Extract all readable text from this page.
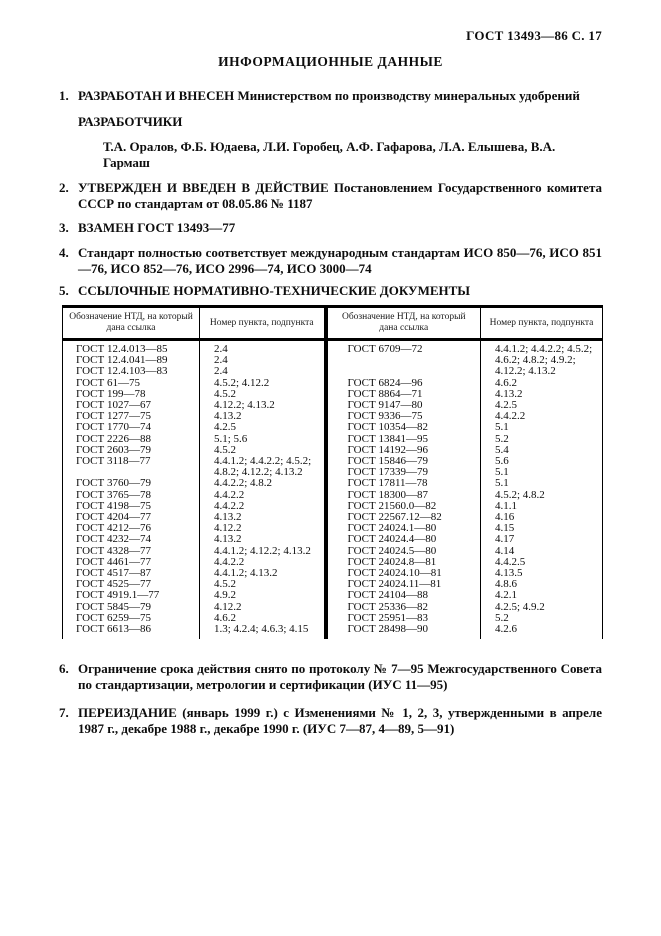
ГОСТ 13493—86 С. 17
ИНФОРМАЦИОННЫЕ ДАННЫЕ
1. РАЗРАБОТАН И ВНЕСЕН Министерством по производству минеральных удобрений
РАЗРАБОТЧИКИ
Т.А. Оралов, Ф.Б. Юдаева, Л.И. Горобец, А.Ф. Гафарова, Л.А. Елышева, В.А. Гармаш
2. УТВЕРЖДЕН И ВВЕДЕН В ДЕЙСТВИЕ Постановлением Государственного комитета СССР по стандартам от 08.05.86 № 1187
3. ВЗАМЕН ГОСТ 13493—77
4. Стандарт полностью соответствует международным стандартам ИСО 850—76, ИСО 851—76, ИСО 852—76, ИСО 2996—74, ИСО 3000—74
5. ССЫЛОЧНЫЕ НОРМАТИВНО-ТЕХНИЧЕСКИЕ ДОКУМЕНТЫ
Обозначение НТД, на который дана ссылка	Номер пункта, подпункта	Обозначение НТД, на который дана ссылка	Номер пункта, подпункта
ГОСТ 12.4.013—85	2.4	ГОСТ 6709—72	4.4.1.2; 4.4.2.2; 4.5.2;
ГОСТ 12.4.041—89	2.4		4.6.2; 4.8.2; 4.9.2;
ГОСТ 12.4.103—83	2.4		4.12.2; 4.13.2
ГОСТ 61—75	4.5.2; 4.12.2	ГОСТ 6824—96	4.6.2
ГОСТ 199—78	4.5.2	ГОСТ 8864—71	4.13.2
ГОСТ 1027—67	4.12.2; 4.13.2	ГОСТ 9147—80	4.2.5
ГОСТ 1277—75	4.13.2	ГОСТ 9336—75	4.4.2.2
ГОСТ 1770—74	4.2.5	ГОСТ 10354—82	5.1
ГОСТ 2226—88	5.1; 5.6	ГОСТ 13841—95	5.2
ГОСТ 2603—79	4.5.2	ГОСТ 14192—96	5.4
ГОСТ 3118—77	4.4.1.2; 4.4.2.2; 4.5.2;	ГОСТ 15846—79	5.6
	4.8.2; 4.12.2; 4.13.2	ГОСТ 17339—79	5.1
ГОСТ 3760—79	4.4.2.2; 4.8.2	ГОСТ 17811—78	5.1
ГОСТ 3765—78	4.4.2.2	ГОСТ 18300—87	4.5.2; 4.8.2
ГОСТ 4198—75	4.4.2.2	ГОСТ 21560.0—82	4.1.1
ГОСТ 4204—77	4.13.2	ГОСТ 22567.12—82	4.16
ГОСТ 4212—76	4.12.2	ГОСТ 24024.1—80	4.15
ГОСТ 4232—74	4.13.2	ГОСТ 24024.4—80	4.17
ГОСТ 4328—77	4.4.1.2; 4.12.2; 4.13.2	ГОСТ 24024.5—80	4.14
ГОСТ 4461—77	4.4.2.2	ГОСТ 24024.8—81	4.4.2.5
ГОСТ 4517—87	4.4.1.2; 4.13.2	ГОСТ 24024.10—81	4.13.5
ГОСТ 4525—77	4.5.2	ГОСТ 24024.11—81	4.8.6
ГОСТ 4919.1—77	4.9.2	ГОСТ 24104—88	4.2.1
ГОСТ 5845—79	4.12.2	ГОСТ 25336—82	4.2.5; 4.9.2
ГОСТ 6259—75	4.6.2	ГОСТ 25951—83	5.2
ГОСТ 6613—86	1.3; 4.2.4; 4.6.3; 4.15	ГОСТ 28498—90	4.2.6
6. Ограничение срока действия снято по протоколу № 7—95 Межгосударственного Совета по стандартизации, метрологии и сертификации (ИУС 11—95)
7. ПЕРЕИЗДАНИЕ (январь 1999 г.) с Изменениями № 1, 2, 3, утвержденными в апреле 1987 г., декабре 1988 г., декабре 1990 г. (ИУС 7—87, 4—89, 5—91)
